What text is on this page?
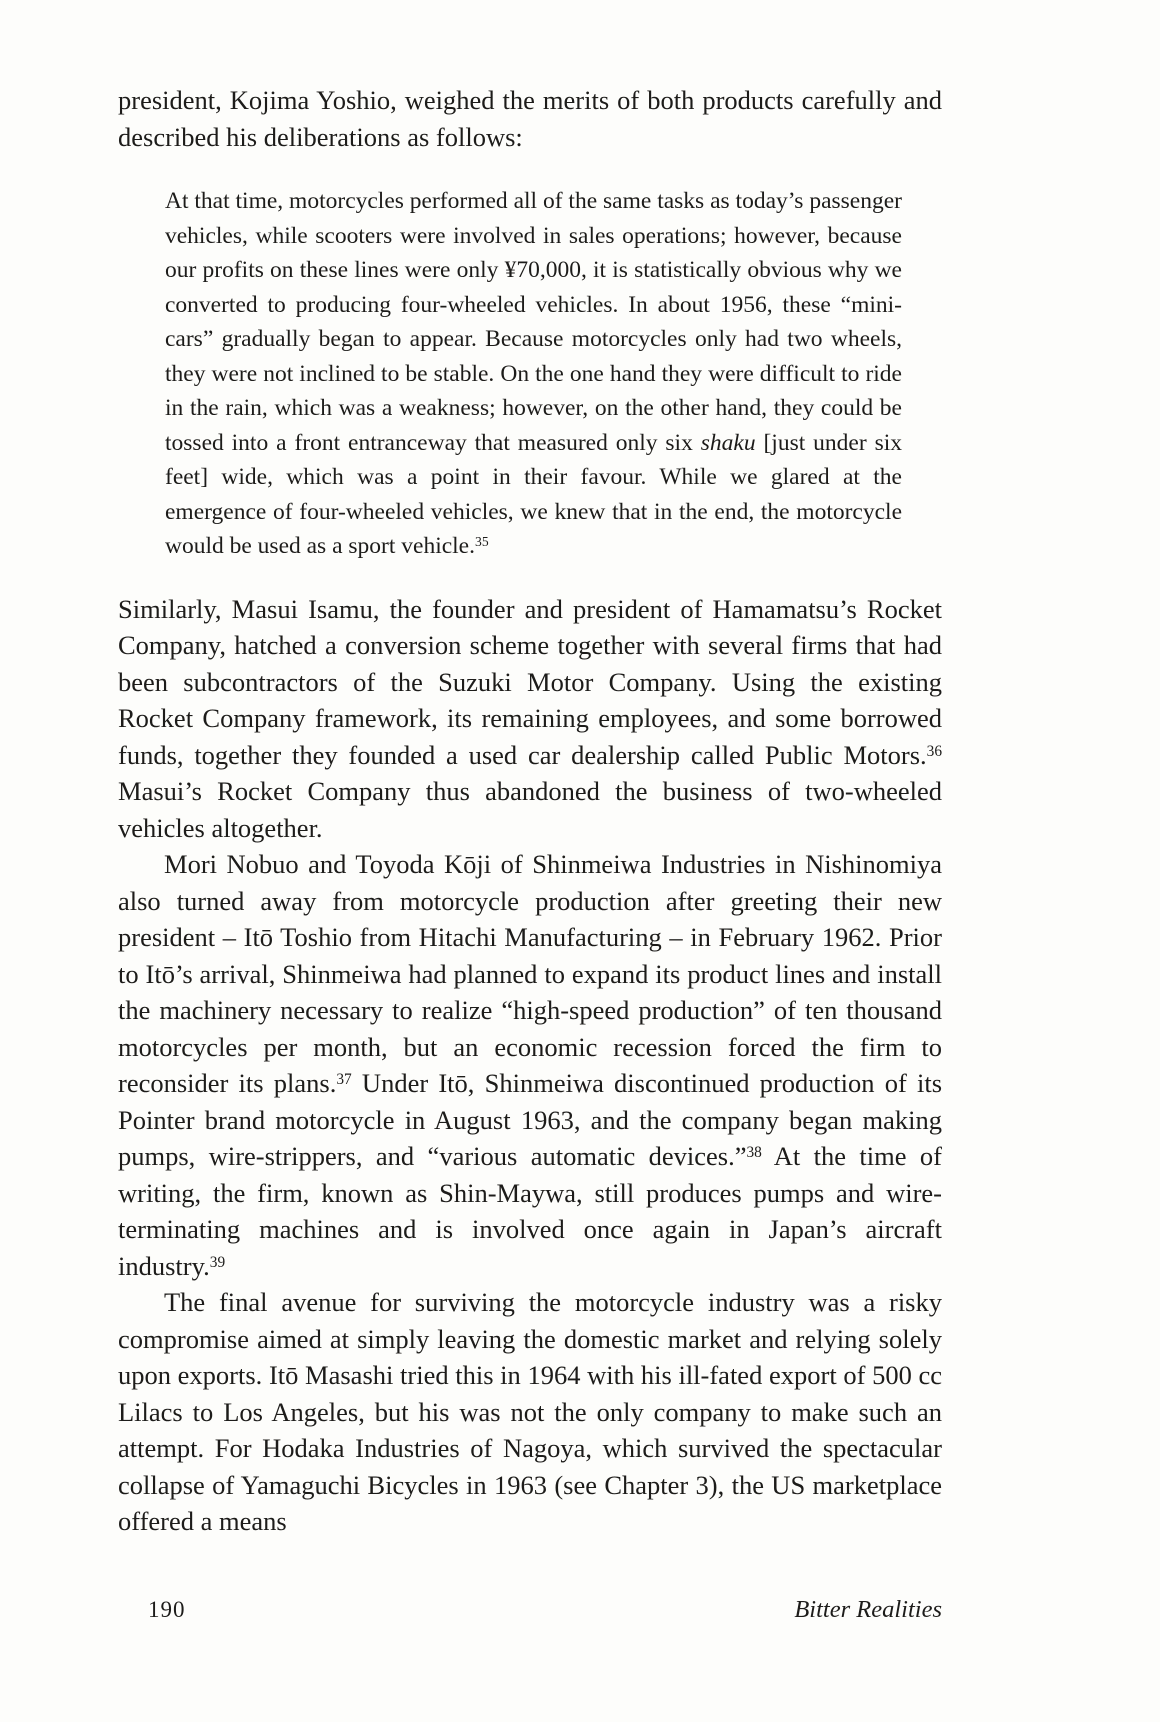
president, Kojima Yoshio, weighed the merits of both products carefully and described his deliberations as follows:

At that time, motorcycles performed all of the same tasks as today’s passenger vehicles, while scooters were involved in sales operations; however, because our profits on these lines were only ¥70,000, it is statistically obvious why we converted to producing four-wheeled vehicles. In about 1956, these “mini-cars” gradually began to appear. Because motorcycles only had two wheels, they were not inclined to be stable. On the one hand they were difficult to ride in the rain, which was a weakness; however, on the other hand, they could be tossed into a front entranceway that measured only six shaku [just under six feet] wide, which was a point in their favour. While we glared at the emergence of four-wheeled vehicles, we knew that in the end, the motorcycle would be used as a sport vehicle.$^{35}$

Similarly, Masui Isamu, the founder and president of Hamamatsu’s Rocket Company, hatched a conversion scheme together with several firms that had been subcontractors of the Suzuki Motor Company. Using the existing Rocket Company framework, its remaining employees, and some borrowed funds, together they founded a used car dealership called Public Motors.$^{36}$ Masui’s Rocket Company thus abandoned the business of two-wheeled vehicles altogether.

Mori Nobuo and Toyoda Kōji of Shinmeiwa Industries in Nishinomiya also turned away from motorcycle production after greeting their new president – Itō Toshio from Hitachi Manufacturing – in February 1962. Prior to Itō’s arrival, Shinmeiwa had planned to expand its product lines and install the machinery necessary to realize “high-speed production” of ten thousand motorcycles per month, but an economic recession forced the firm to reconsider its plans.$^{37}$ Under Itō, Shinmeiwa discontinued production of its Pointer brand motorcycle in August 1963, and the company began making pumps, wire-strippers, and “various automatic devices.”$^{38}$ At the time of writing, the firm, known as Shin-Maywa, still produces pumps and wire-terminating machines and is involved once again in Japan’s aircraft industry.$^{39}$

The final avenue for surviving the motorcycle industry was a risky compromise aimed at simply leaving the domestic market and relying solely upon exports. Itō Masashi tried this in 1964 with his ill-fated export of 500 cc Lilacs to Los Angeles, but his was not the only company to make such an attempt. For Hodaka Industries of Nagoya, which survived the spectacular collapse of Yamaguchi Bicycles in 1963 (see Chapter 3), the US marketplace offered a means

190	Bitter Realities
